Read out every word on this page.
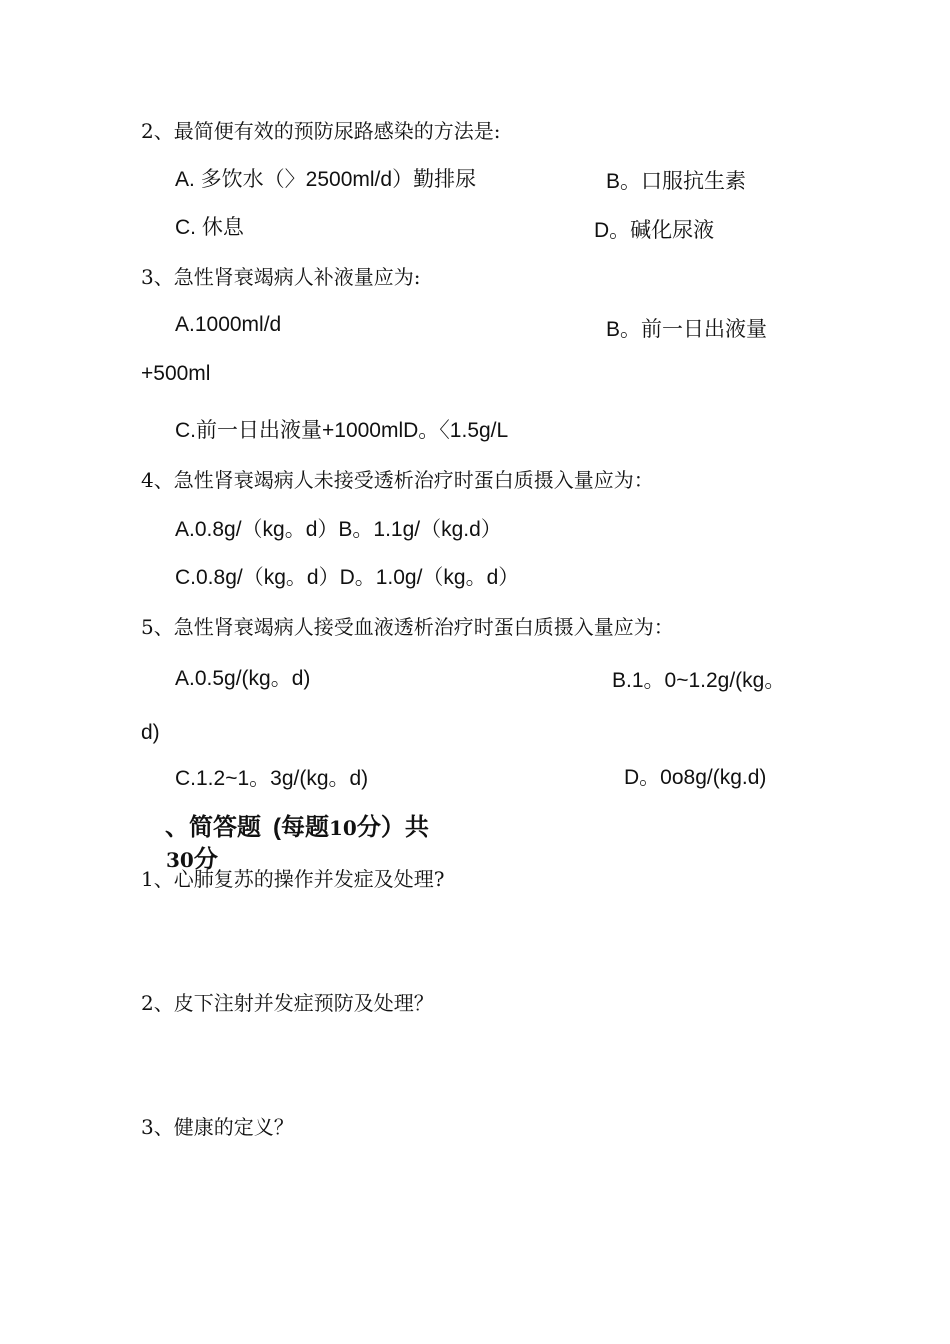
2、最简便有效的预防尿路感染的方法是:
A. 多饮水（〉2500ml/d）勤排尿	B。口服抗生素
C. 休息	D。碱化尿液
3、急性肾衰竭病人补液量应为:
A.1000ml/d	B。前一日出液量
+500ml
C.前一日出液量+1000mlD。〈1.5g/L
4、急性肾衰竭病人未接受透析治疗时蛋白质摄入量应为：
A.0.8g/（kg。d）B。1.1g/（kg.d）
C.0.8g/（kg。d）D。1.0g/（kg。d）
5、急性肾衰竭病人接受血液透析治疗时蛋白质摄入量应为：
A.0.5g/(kg。d)	B.1。0~1.2g/(kg。
d)
C.1.2~1。3g/(kg。d)	D。0o8g/(kg.d)
、简答题 (每题10分）共
30分
1、心肺复苏的操作并发症及处理?
2、皮下注射并发症预防及处理？
3、健康的定义？
